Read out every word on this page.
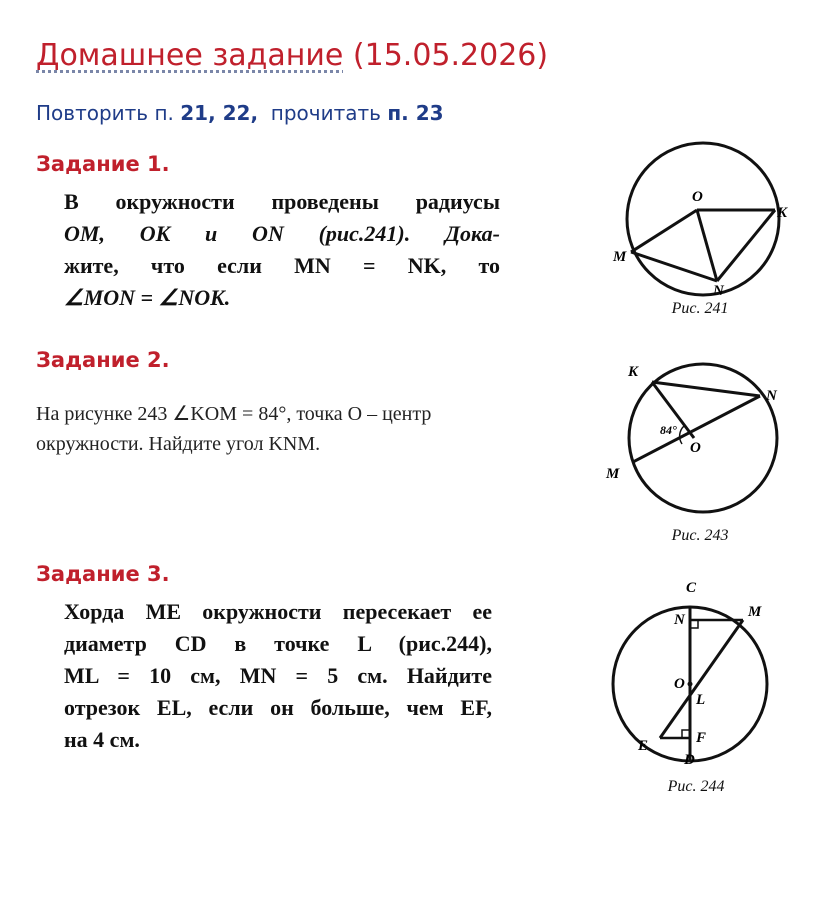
Домашнее задание (15.05.2026)
Повторить п. 21, 22,  прочитать п. 23
Задание 1.
В окружности проведены радиусы
OM, OK и ON (рис.241). Дока-
жите, что если MN = NK, то
∠MON = ∠NOK.
O
K
M
N
Рис. 241
Задание 2.
На рисунке 243 ∠KOM = 84°, точка О – центр
окружности. Найдите угол KNM.
K
N
84°
O
M
Рис. 243
Задание 3.
Хорда ME окружности пересекает ее
диаметр CD в точке L (рис.244),
ML = 10 см, MN = 5 см. Найдите
отрезок EL, если он больше, чем EF,
на 4 см.
C
N	M
O
L
E	F
D
Рис. 244
